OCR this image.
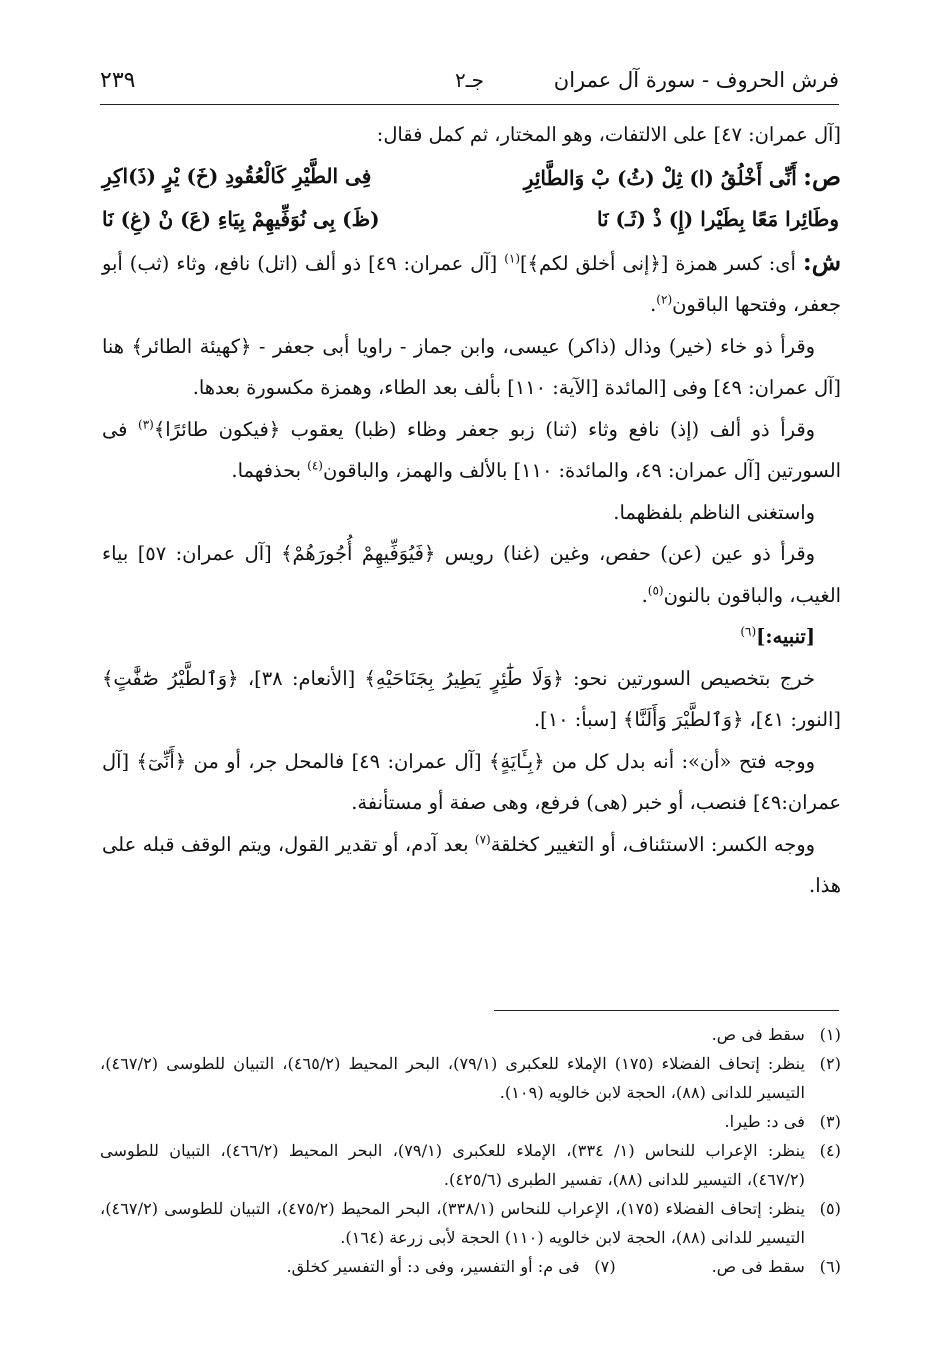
فرش الحروف - سورة آل عمران
جـ٢
٢٣٩

[آل عمران: ٤٧] على الالتفات، وهو المختار، ثم كمل فقال:

ص: أَنِّى أَخْلُقُ (ا) ثِلْ (ثُ) بْ وَالطَّائِرِ
فِى الطَّيْرِ كَالْعُقُودِ (خَ) يْرٍ (ذَ)اكِرِ
وطَائِرا مَعًا بِطَيْرا (إِ) ذْ (ثَـ) نَا
(ظَ) بِى نُوَفِّيهِمْ بِيَاءِ (عَ) نْ (غِ) نَا

ش: أى: كسر همزة [﴿إنى أخلق لكم﴾]$^{(١)}$ [آل عمران: ٤٩] ذو ألف (اتل) نافع، وثاء (ثب) أبو جعفر، وفتحها الباقون$^{(٢)}$.

وقرأ ذو خاء (خير) وذال (ذاكر) عيسى، وابن جماز - راويا أبى جعفر - ﴿كهيئة الطائر﴾ هنا [آل عمران: ٤٩] وفى [المائدة [الآية: ١١٠] بألف بعد الطاء، وهمزة مكسورة بعدها.

وقرأ ذو ألف (إذ) نافع وثاء (ثنا) زبو جعفر وظاء (ظبا) يعقوب ﴿فيكون طائرًا﴾$^{(٣)}$ فى السورتين [آل عمران: ٤٩، والمائدة: ١١٠] بالألف والهمز، والباقون$^{(٤)}$ بحذفهما.

واستغنى الناظم بلفظهما.

وقرأ ذو عين (عن) حفص، وغين (غنا) رويس ﴿فَيُوَفِّيهِمْ أُجُورَهُمْ﴾ [آل عمران: ٥٧] بياء الغيب، والباقون بالنون$^{(٥)}$.

[تنبيه:]$^{(٦)}$

خرج بتخصيص السورتين نحو: ﴿وَلَا طَٰٓئِرٍ يَطِيرُ بِجَنَاحَيْهِ﴾ [الأنعام: ٣٨]، ﴿وَٱلطَّيْرُ صَٰٓفَّٰتٍ﴾ [النور: ٤١]، ﴿وَٱلطَّيْرَ وَأَلَنَّا﴾ [سبأ: ١٠].

ووجه فتح «أن»: أنه بدل كل من ﴿بِـَٔايَةٍ﴾ [آل عمران: ٤٩] فالمحل جر، أو من ﴿أَنِّىٓ﴾ [آل عمران:٤٩] فنصب، أو خبر (هى) فرفع، وهى صفة أو مستأنفة.

ووجه الكسر: الاستئناف، أو التغيير كخلقة$^{(٧)}$ بعد آدم، أو تقدير القول، ويتم الوقف قبله على هذا.

(١)
سقط فى ص.
(٢)
ينظر: إتحاف الفضلاء (١٧٥) الإملاء للعكبرى (٧٩/١)، البحر المحيط (٤٦٥/٢)، التبيان للطوسى (٤٦٧/٢)، التيسير للدانى (٨٨)، الحجة لابن خالويه (١٠٩).
(٣)
فى د: طيرا.
(٤)
ينظر: الإعراب للنحاس (١/ ٣٣٤)، الإملاء للعكبرى (٧٩/١)، البحر المحيط (٤٦٦/٢)، التبيان للطوسى (٤٦٧/٢)، التيسير للدانى (٨٨)، تفسير الطبرى (٤٢٥/٦).
(٥)
ينظر: إتحاف الفضلاء (١٧٥)، الإعراب للنحاس (٣٣٨/١)، البحر المحيط (٤٧٥/٢)، التبيان للطوسى (٤٦٧/٢)، التيسير للدانى (٨٨)، الحجة لابن خالويه (١١٠) الحجة لأبى زرعة (١٦٤).
(٦)
سقط فى ص.
(٧)
فى م: أو التفسير، وفى د: أو التفسير كخلق.
